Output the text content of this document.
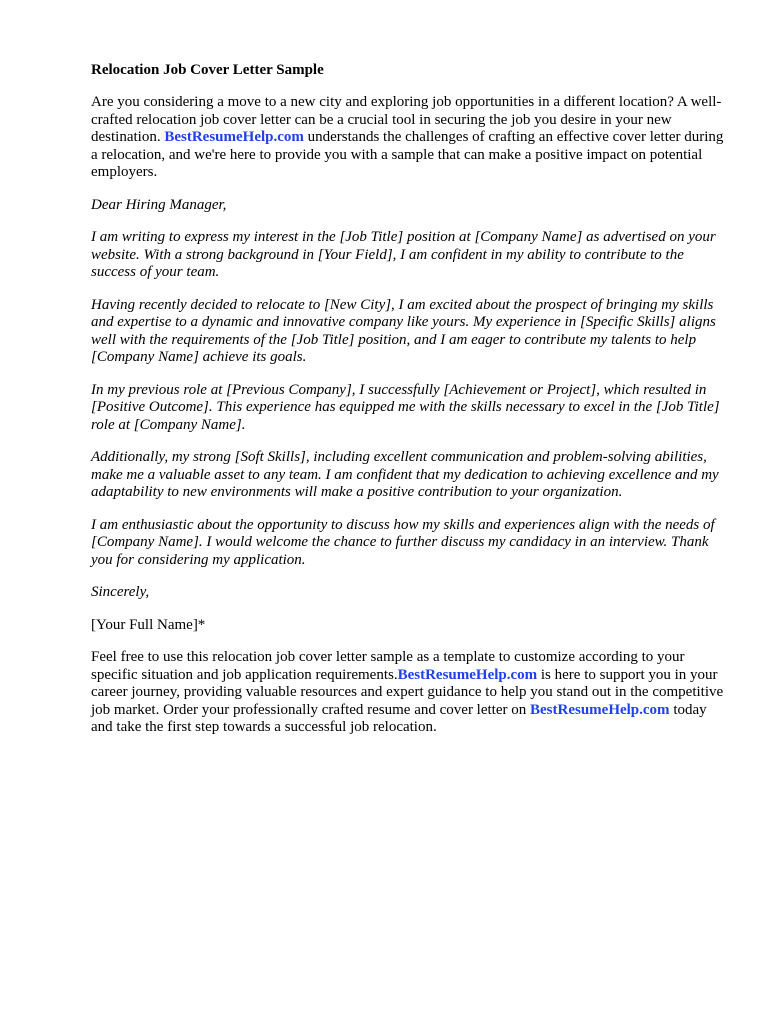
Relocation Job Cover Letter Sample

Are you considering a move to a new city and exploring job opportunities in a different location? A well-crafted relocation job cover letter can be a crucial tool in securing the job you desire in your new destination. BestResumeHelp.com understands the challenges of crafting an effective cover letter during a relocation, and we're here to provide you with a sample that can make a positive impact on potential employers.

Dear Hiring Manager,

I am writing to express my interest in the [Job Title] position at [Company Name] as advertised on your website. With a strong background in [Your Field], I am confident in my ability to contribute to the success of your team.

Having recently decided to relocate to [New City], I am excited about the prospect of bringing my skills and expertise to a dynamic and innovative company like yours. My experience in [Specific Skills] aligns well with the requirements of the [Job Title] position, and I am eager to contribute my talents to help [Company Name] achieve its goals.

In my previous role at [Previous Company], I successfully [Achievement or Project], which resulted in [Positive Outcome]. This experience has equipped me with the skills necessary to excel in the [Job Title] role at [Company Name].

Additionally, my strong [Soft Skills], including excellent communication and problem-solving abilities, make me a valuable asset to any team. I am confident that my dedication to achieving excellence and my adaptability to new environments will make a positive contribution to your organization.

I am enthusiastic about the opportunity to discuss how my skills and experiences align with the needs of [Company Name]. I would welcome the chance to further discuss my candidacy in an interview. Thank you for considering my application.

Sincerely,

[Your Full Name]*

Feel free to use this relocation job cover letter sample as a template to customize according to your specific situation and job application requirements.BestResumeHelp.com is here to support you in your career journey, providing valuable resources and expert guidance to help you stand out in the competitive job market. Order your professionally crafted resume and cover letter on BestResumeHelp.com today and take the first step towards a successful job relocation.
